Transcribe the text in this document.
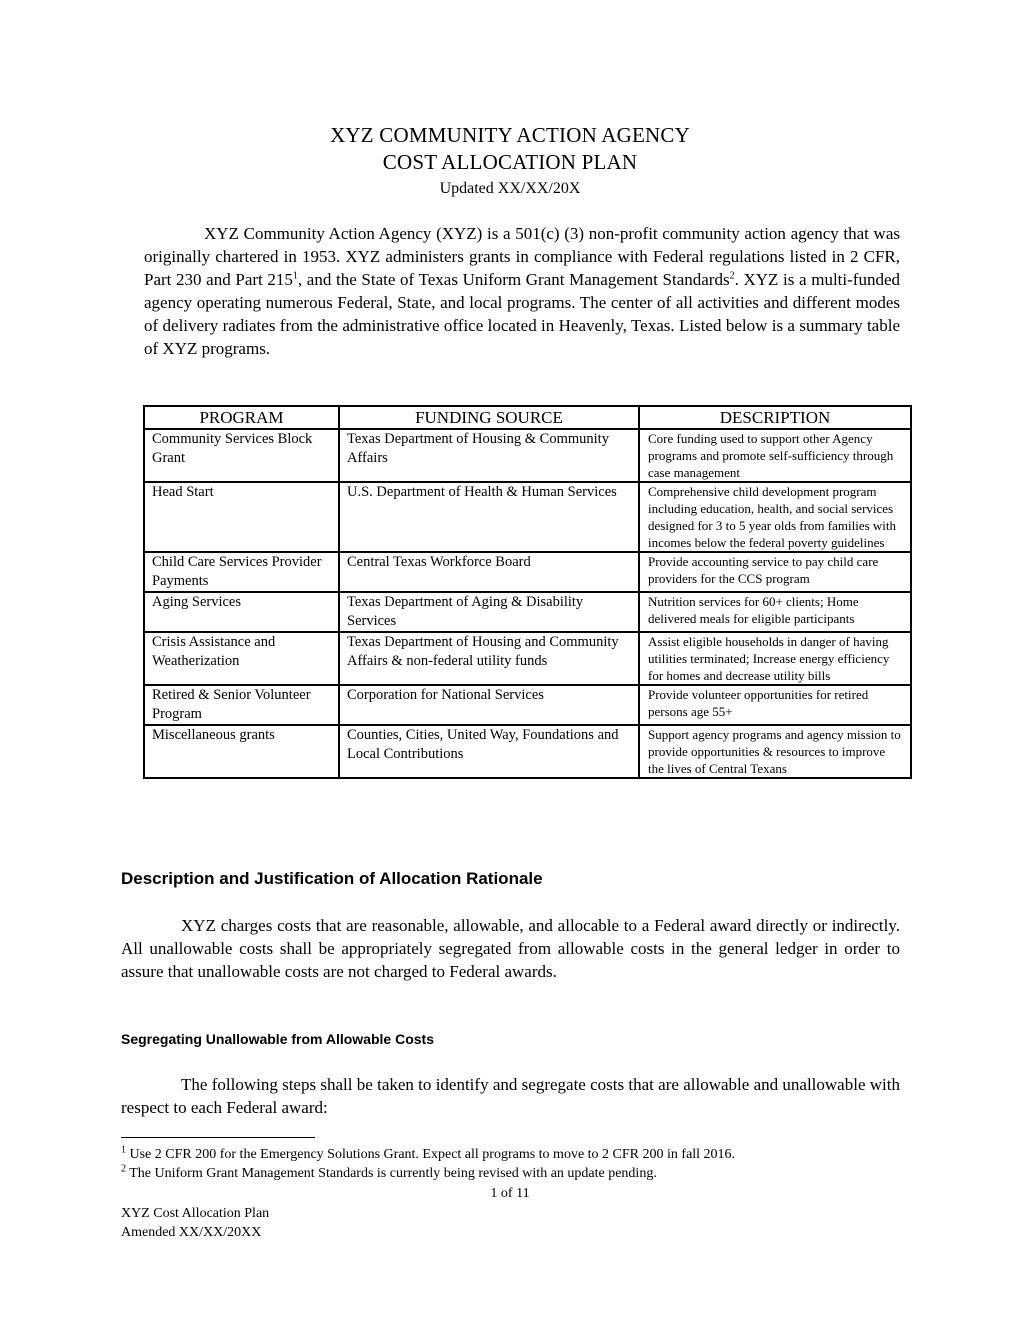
XYZ COMMUNITY ACTION AGENCY
COST ALLOCATION PLAN
Updated XX/XX/20X

XYZ Community Action Agency (XYZ) is a 501(c) (3) non-profit community action agency that was originally chartered in 1953. XYZ administers grants in compliance with Federal regulations listed in 2 CFR, Part 230 and Part $215^1$, and the State of Texas Uniform Grant Management Standards$^2$. XYZ is a multi-funded agency operating numerous Federal, State, and local programs. The center of all activities and different modes of delivery radiates from the administrative office located in Heavenly, Texas. Listed below is a summary table of XYZ programs.

PROGRAM	FUNDING SOURCE	DESCRIPTION
Community Services Block Grant	Texas Department of Housing & Community Affairs	Core funding used to support other Agency programs and promote self-sufficiency through case management
Head Start	U.S. Department of Health & Human Services	Comprehensive child development program including education, health, and social services designed for 3 to 5 year olds from families with incomes below the federal poverty guidelines
Child Care Services Provider Payments	Central Texas Workforce Board	Provide accounting service to pay child care providers for the CCS program
Aging Services	Texas Department of Aging & Disability Services	Nutrition services for 60+ clients; Home delivered meals for eligible participants
Crisis Assistance and Weatherization	Texas Department of Housing and Community Affairs & non-federal utility funds	Assist eligible households in danger of having utilities terminated; Increase energy efficiency for homes and decrease utility bills
Retired & Senior Volunteer Program	Corporation for National Services	Provide volunteer opportunities for retired persons age 55+
Miscellaneous grants	Counties, Cities, United Way, Foundations and Local Contributions	Support agency programs and agency mission to provide opportunities & resources to improve the lives of Central Texans
Description and Justification of Allocation Rationale

XYZ charges costs that are reasonable, allowable, and allocable to a Federal award directly or indirectly. All unallowable costs shall be appropriately segregated from allowable costs in the general ledger in order to assure that unallowable costs are not charged to Federal awards.

Segregating Unallowable from Allowable Costs

The following steps shall be taken to identify and segregate costs that are allowable and unallowable with respect to each Federal award:

$^1$ Use 2 CFR 200 for the Emergency Solutions Grant. Expect all programs to move to 2 CFR 200 in fall 2016.

$^2$ The Uniform Grant Management Standards is currently being revised with an update pending.

1 of 11

XYZ Cost Allocation Plan

Amended XX/XX/20XX
